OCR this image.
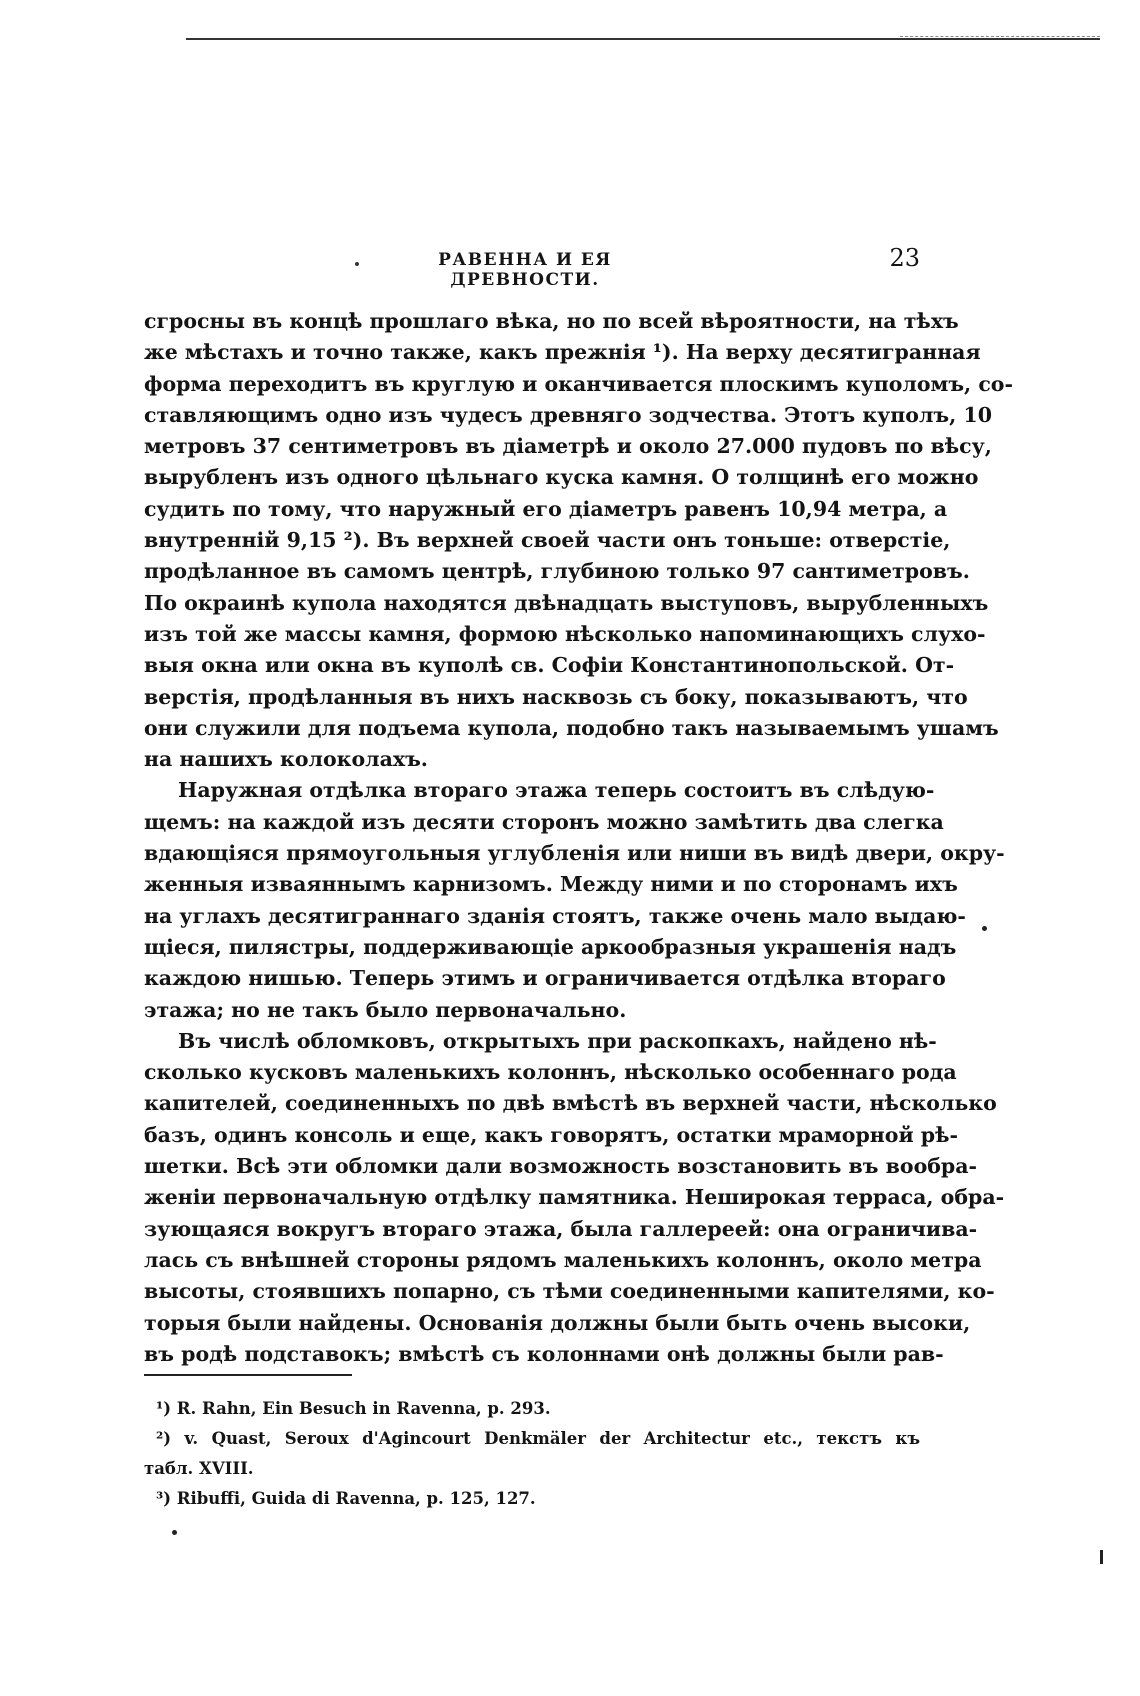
РАВЕННА И ЕЯ ДРЕВНОСТИ.
23
сгросны въ концѣ прошлаго вѣка, но по всей вѣроятности, на тѣхъ
же мѣстахъ и точно также, какъ прежнія ¹). На верху десятигранная
форма переходитъ въ круглую и оканчивается плоскимъ куполомъ, со-
ставляющимъ одно изъ чудесъ древняго зодчества. Этотъ куполъ, 10
метровъ 37 сентиметровъ въ діаметрѣ и около 27.000 пудовъ по вѣсу,
вырубленъ изъ одного цѣльнаго куска камня. О толщинѣ его можно
судить по тому, что наружный его діаметръ равенъ 10,94 метра, а
внутренній 9,15 ²). Въ верхней своей части онъ тоньше: отверстіе,
продѣланное въ самомъ центрѣ, глубиною только 97 сантиметровъ.
По окраинѣ купола находятся двѣнадцать выступовъ, вырубленныхъ
изъ той же массы камня, формою нѣсколько напоминающихъ слухо-
выя окна или окна въ куполѣ св. Софіи Константинопольской. От-
верстія, продѣланныя въ нихъ насквозь съ боку, показываютъ, что
они служили для подъема купола, подобно такъ называемымъ ушамъ
на нашихъ колоколахъ.
Наружная отдѣлка втораго этажа теперь состоитъ въ слѣдую-
щемъ: на каждой изъ десяти сторонъ можно замѣтить два слегка
вдающіяся прямоугольныя углубленія или ниши въ видѣ двери, окру-
женныя изваяннымъ карнизомъ. Между ними и по сторонамъ ихъ
на углахъ десятиграннаго зданія стоятъ, также очень мало выдаю-
щіеся, пилястры, поддерживающіе аркообразныя украшенія надъ
каждою нишью. Теперь этимъ и ограничивается отдѣлка втораго
этажа; но не такъ было первоначально.
Въ числѣ обломковъ, открытыхъ при раскопкахъ, найдено нѣ-
сколько кусковъ маленькихъ колоннъ, нѣсколько особеннаго рода
капителей, соединенныхъ по двѣ вмѣстѣ въ верхней части, нѣсколько
базъ, одинъ консоль и еще, какъ говорятъ, остатки мраморной рѣ-
шетки. Всѣ эти обломки дали возможность возстановить въ вообра-
женіи первоначальную отдѣлку памятника. Неширокая терраса, обра-
зующаяся вокругъ втораго этажа, была галлереей: она ограничива-
лась съ внѣшней стороны рядомъ маленькихъ колоннъ, около метра
высоты, стоявшихъ попарно, съ тѣми соединенными капителями, ко-
торыя были найдены. Основанія должны были быть очень высоки,
въ родѣ подставокъ; вмѣстѣ съ колоннами онѣ должны были рав-
¹) R. Rahn, Ein Besuch in Ravenna, p. 293.
²) v. Quast, Seroux d'Agincourt Denkmäler der Architectur etc., текстъ къ
табл. XVIII.
³) Ribuffi, Guida di Ravenna, p. 125, 127.
